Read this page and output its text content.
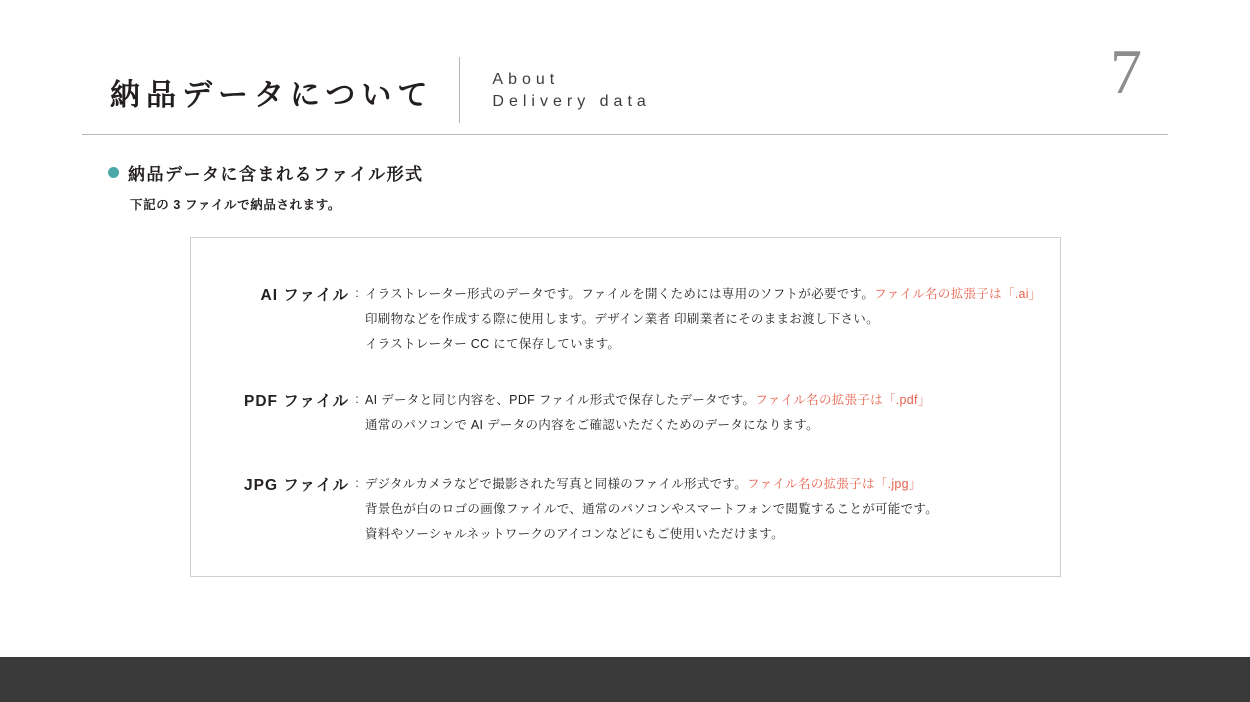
納品データについて	About
Delivery data	7
納品データに含まれるファイル形式
下記の 3 ファイルで納品されます。
AI ファイル : イラストレーター形式のデータです。ファイルを開くためには専用のソフトが必要です。ファイル名の拡張子は「.ai」
印刷物などを作成する際に使用します。デザイン業者 印刷業者にそのままお渡し下さい。
イラストレーター CC にて保存しています。
PDF ファイル : AI データと同じ内容を、PDF ファイル形式で保存したデータです。ファイル名の拡張子は「.pdf」
通常のパソコンで AI データの内容をご確認いただくためのデータになります。
JPG ファイル : デジタルカメラなどで撮影された写真と同様のファイル形式です。ファイル名の拡張子は「.jpg」
背景色が白のロゴの画像ファイルで、通常のパソコンやスマートフォンで閲覧することが可能です。
資料やソーシャルネットワークのアイコンなどにもご使用いただけます。
